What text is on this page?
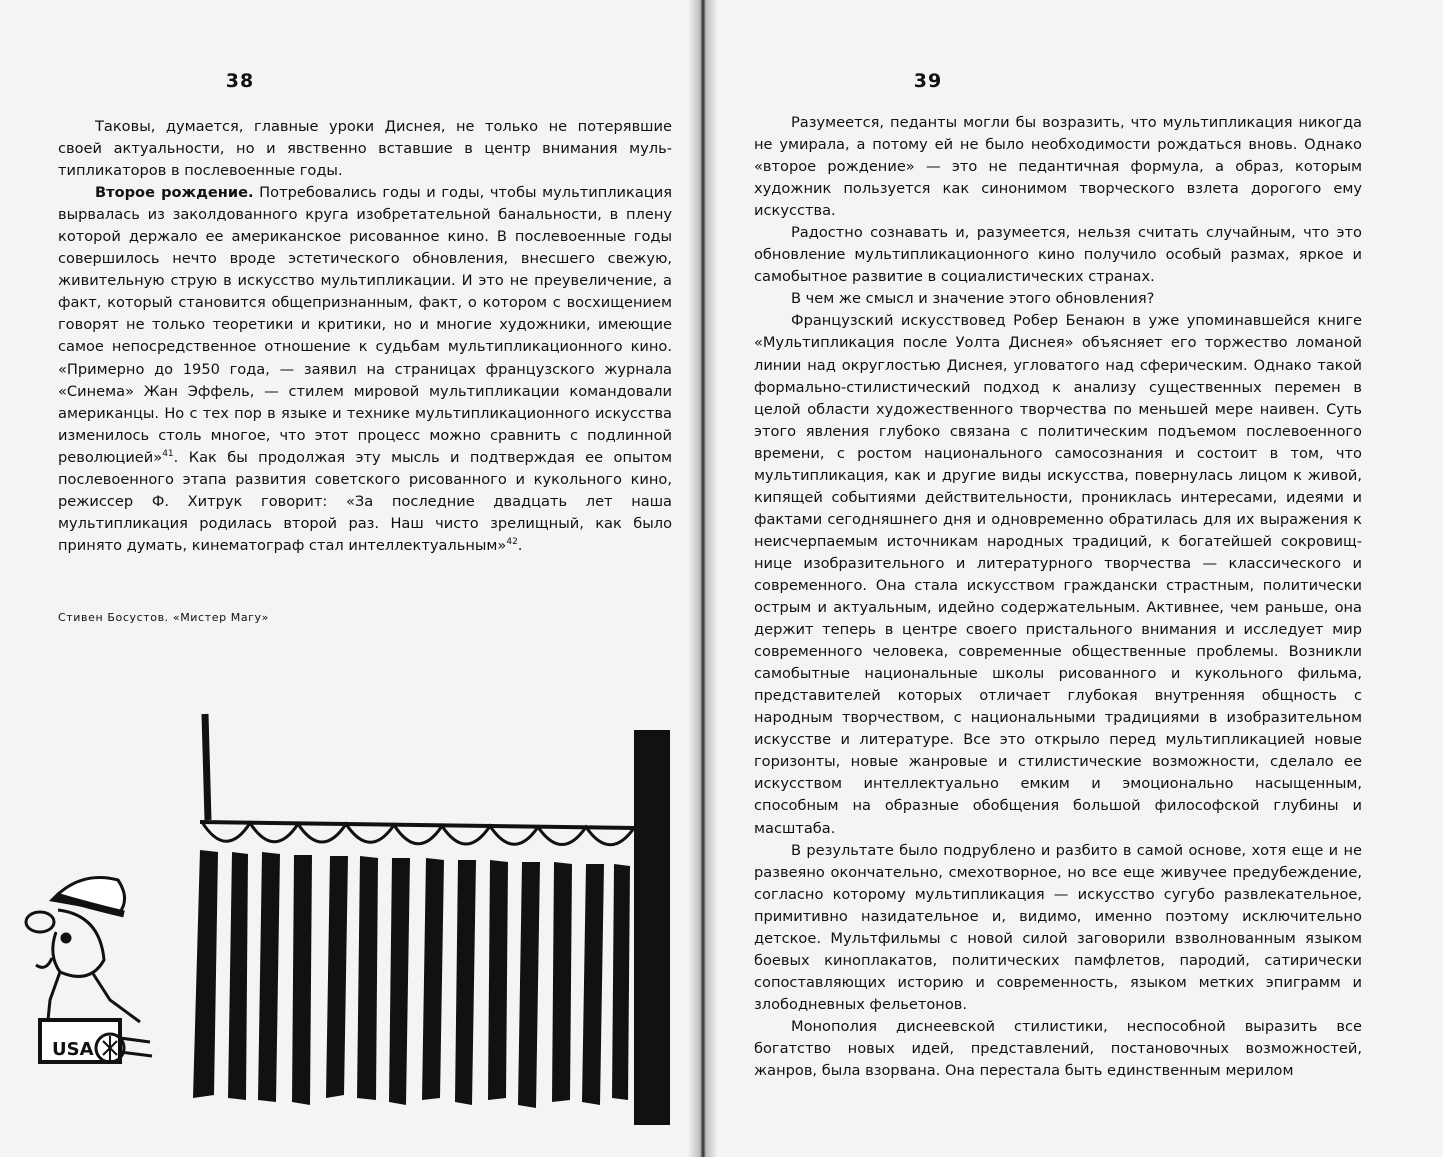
38

Таковы, думается, главные уроки Диснея, не только не потерявшие своей актуальности, но и явственно вставшие в центр внимания мультипликаторов в послевоенные годы.

Второе рождение. Потребовались годы и годы, чтобы мультипликация вырвалась из заколдованного круга изобретательной банальности, в плену которой держало ее американское рисованное кино. В послевоенные годы совершилось нечто вроде эстетического обновления, внесшего свежую, живительную струю в искусство мультипликации. И это не преувеличение, а факт, который становится общепризнанным, факт, о котором с восхищением говорят не только теоретики и критики, но и многие художники, имеющие самое непосредственное отношение к судьбам мультипликационного кино. «Примерно до 1950 года, — заявил на страницах французского журнала «Синема» Жан Эффель, — стилем мировой мультипликации командовали американцы. Но с тех пор в языке и технике мультипликационного искусства изменилось столь многое, что этот процесс можно сравнить с подлинной революцией»$^{41}$. Как бы продолжая эту мысль и подтверждая ее опытом послевоенного этапа развития советского рисованного и кукольного кино, режиссер Ф. Хитрук говорит: «За последние двадцать лет наша мультипликация родилась второй раз. Наш чисто зрелищный, как было принято думать, кинематограф стал интеллектуальным»$^{42}$.

Стивен Босустов. «Мистер Магу»
USA
39

Разумеется, педанты могли бы возразить, что мультипликация никогда не умирала, а потому ей не было необходимости рождаться вновь. Однако «второе рождение» — это не педантичная формула, а образ, которым художник пользуется как синонимом творческого взлета дорогого ему искусства.

Радостно сознавать и, разумеется, нельзя считать случайным, что это обновление мультипликационного кино получило особый размах, яркое и самобытное развитие в социалистических странах.

В чем же смысл и значение этого обновления?

Французский искусствовед Робер Бенаюн в уже упоминавшейся книге «Мультипликация после Уолта Диснея» объясняет его торжество ломаной линии над округлостью Диснея, угловатого над сферическим. Однако такой формально-стилистический подход к анализу существенных перемен в целой области художественного творчества по меньшей мере наивен. Суть этого явления глубоко связана с политическим подъемом послевоенного времени, с ростом национального самосознания и состоит в том, что мультипликация, как и другие виды искусства, повернулась лицом к живой, кипящей событиями действительности, прониклась интересами, идеями и фактами сегодняшнего дня и одновременно обратилась для их выражения к неисчерпаемым источникам народных традиций, к богатейшей сокровищнице изобразительного и литературного творчества — классического и современного. Она стала искусством граждански страстным, политически острым и актуальным, идейно содержательным. Активнее, чем раньше, она держит теперь в центре своего пристального внимания и исследует мир современного человека, современные общественные проблемы. Возникли самобытные национальные школы рисованного и кукольного фильма, представителей которых отличает глубокая внутренняя общность с народным творчеством, с национальными традициями в изобразительном искусстве и литературе. Все это открыло перед мультипликацией новые горизонты, новые жанровые и стилистические возможности, сделало ее искусством интеллектуально емким и эмоционально насыщенным, способным на образные обобщения большой философской глубины и масштаба.

В результате было подрублено и разбито в самой основе, хотя еще и не развеяно окончательно, смехотворное, но все еще живучее предубеждение, согласно которому мультипликация — искусство сугубо развлекательное, примитивно назидательное и, видимо, именно поэтому исключительно детское. Мультфильмы с новой силой заговорили взволнованным языком боевых киноплакатов, политических памфлетов, пародий, сатирически сопоставляющих историю и современность, языком метких эпиграмм и злободневных фельетонов.

Монополия диснеевской стилистики, неспособной выразить все богатство новых идей, представлений, постановочных возможностей, жанров, была взорвана. Она перестала быть единственным мерилом
